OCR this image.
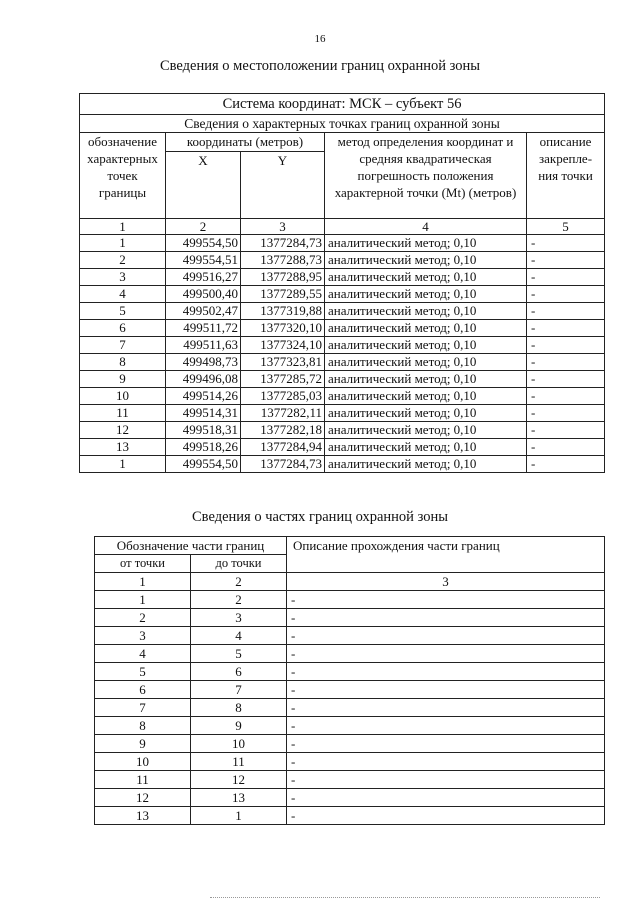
16
Сведения о местоположении границ охранной зоны
Система координат: МСК – субъект 56				
Сведения о характерных точках границ охранной зоны				
обозначение характерных точек границы	координаты (метров)		метод определения координат и средняя квадратическая погрешность положения характерной точки (Mt) (метров)	описание закрепле-ния точки
	X	Y		
1	2	3	4	5
1	499554,50	1377284,73	аналитический метод; 0,10	-
2	499554,51	1377288,73	аналитический метод; 0,10	-
3	499516,27	1377288,95	аналитический метод; 0,10	-
4	499500,40	1377289,55	аналитический метод; 0,10	-
5	499502,47	1377319,88	аналитический метод; 0,10	-
6	499511,72	1377320,10	аналитический метод; 0,10	-
7	499511,63	1377324,10	аналитический метод; 0,10	-
8	499498,73	1377323,81	аналитический метод; 0,10	-
9	499496,08	1377285,72	аналитический метод; 0,10	-
10	499514,26	1377285,03	аналитический метод; 0,10	-
11	499514,31	1377282,11	аналитический метод; 0,10	-
12	499518,31	1377282,18	аналитический метод; 0,10	-
13	499518,26	1377284,94	аналитический метод; 0,10	-
1	499554,50	1377284,73	аналитический метод; 0,10	-
Сведения о частях границ охранной зоны
Обозначение части границ		Описание прохождения части границ
от точки	до точки	
1	2	3
1	2	-
2	3	-
3	4	-
4	5	-
5	6	-
6	7	-
7	8	-
8	9	-
9	10	-
10	11	-
11	12	-
12	13	-
13	1	-
